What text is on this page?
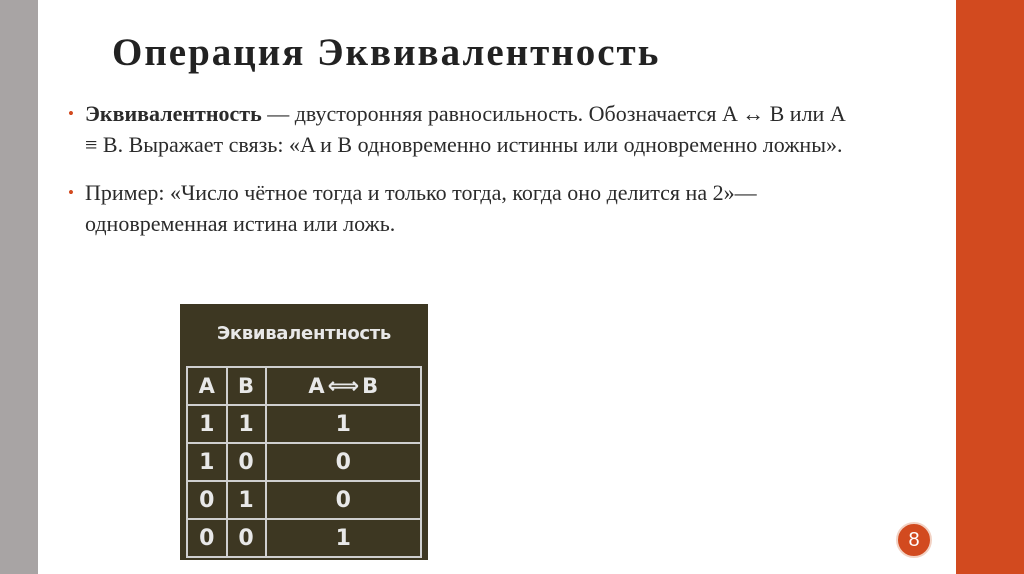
Операция Эквивалентность
• Эквивалентность — двусторонняя равносильность. Обозначается A ↔ B или A ≡ B. Выражает связь: «A и B одновременно истинны или одновременно ложны».
• Пример: «Число чётное тогда и только тогда, когда оно делится на 2»— одновременная истина или ложь.
Эквивалентность
A	B	A ⟺ B
1	1	1
1	0	0
0	1	0
0	0	1	8
